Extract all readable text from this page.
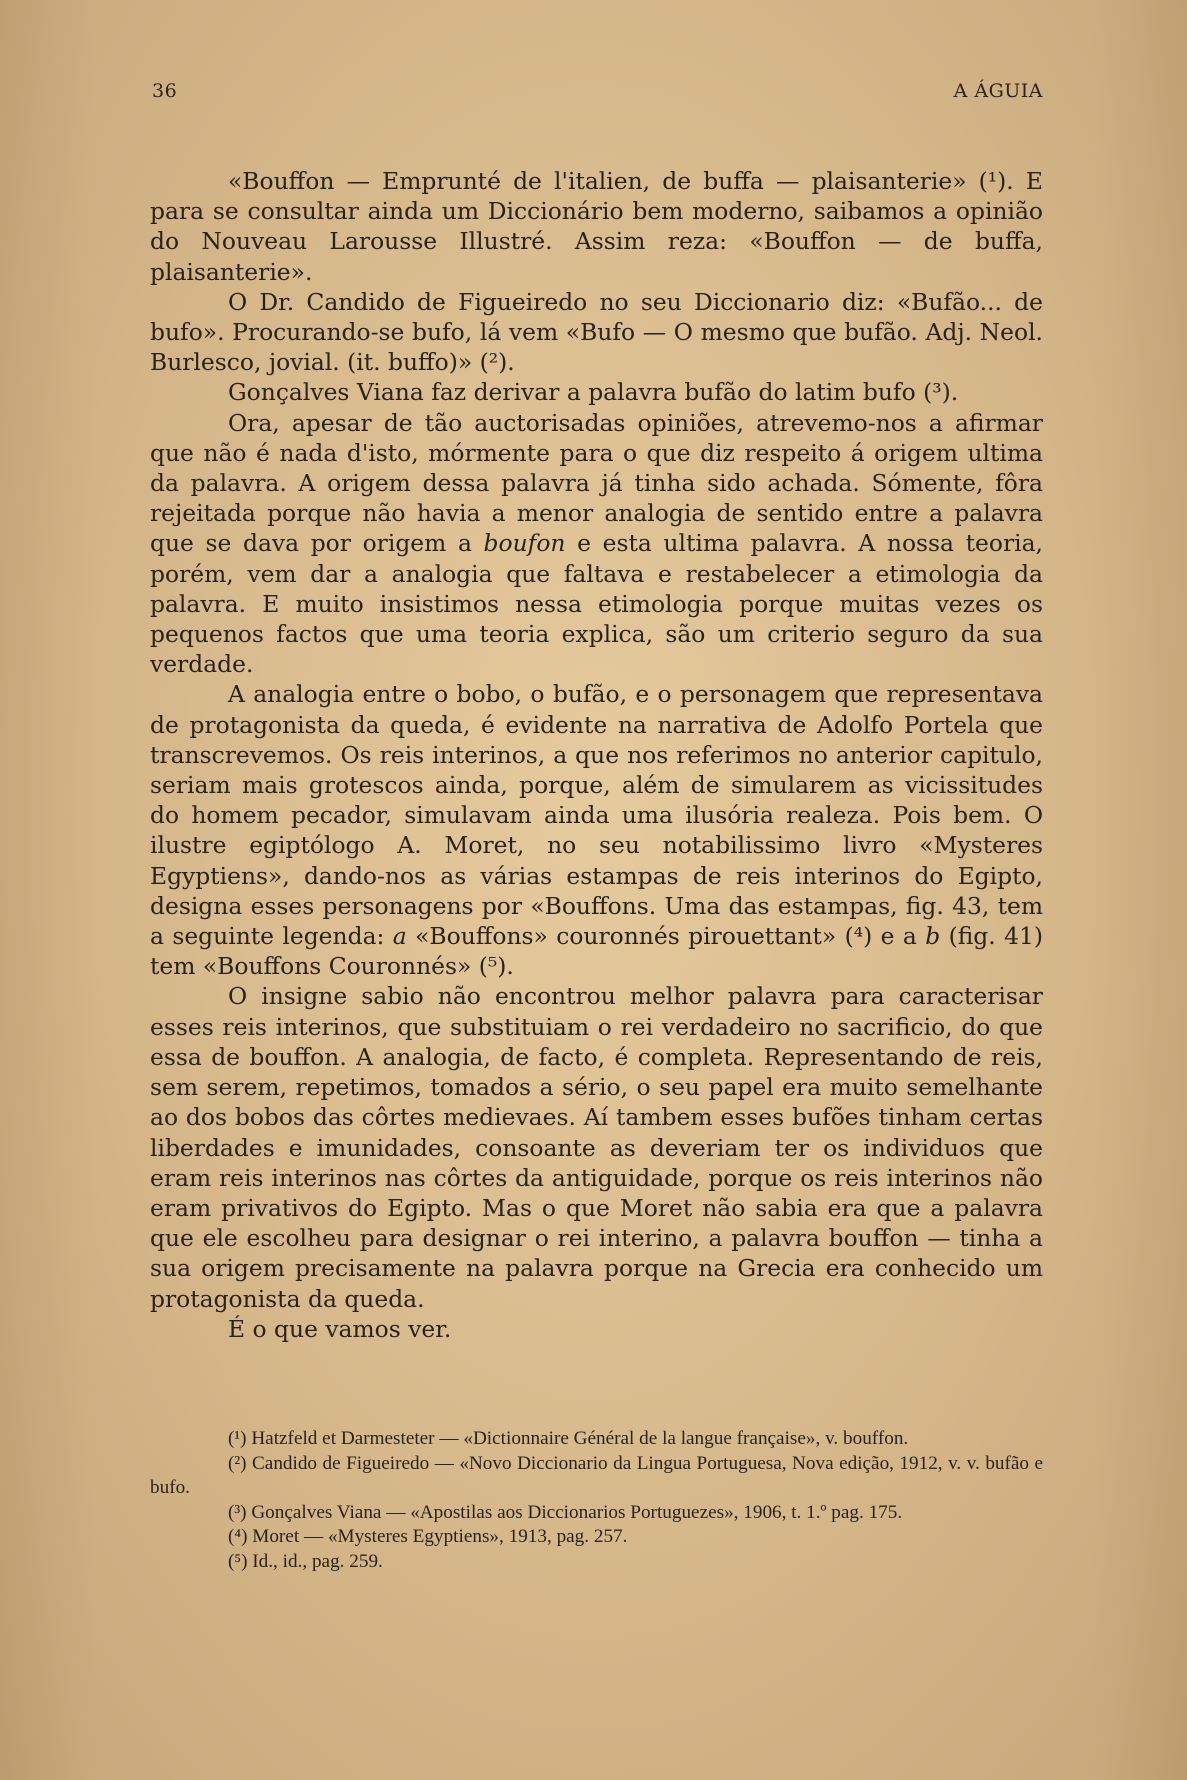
36	A ÁGUIA

«Bouffon — Emprunté de l'italien, de buffa — plaisanterie» (¹). E para se consultar ainda um Diccionário bem moderno, saibamos a opinião do Nouveau Larousse Illustré. Assim reza: «Bouffon — de buffa, plaisanterie».

O Dr. Candido de Figueiredo no seu Diccionario diz: «Bufão... de bufo». Procurando-se bufo, lá vem «Bufo — O mesmo que bufão. Adj. Neol. Burlesco, jovial. (it. buffo)» (²).

Gonçalves Viana faz derivar a palavra bufão do latim bufo (³).

Ora, apesar de tão auctorisadas opiniões, atrevemo-nos a afirmar que não é nada d'isto, mórmente para o que diz respeito á origem ultima da palavra. A origem dessa palavra já tinha sido achada. Sómente, fôra rejeitada porque não havia a menor analogia de sentido entre a palavra que se dava por origem a boufon e esta ultima palavra. A nossa teoria, porém, vem dar a analogia que faltava e restabelecer a etimologia da palavra. E muito insistimos nessa etimologia porque muitas vezes os pequenos factos que uma teoria explica, são um criterio seguro da sua verdade.

A analogia entre o bobo, o bufão, e o personagem que representava de protagonista da queda, é evidente na narrativa de Adolfo Portela que transcrevemos. Os reis interinos, a que nos referimos no anterior capitulo, seriam mais grotescos ainda, porque, além de simularem as vicissitudes do homem pecador, simulavam ainda uma ilusória realeza. Pois bem. O ilustre egiptólogo A. Moret, no seu notabilissimo livro «Mysteres Egyptiens», dando-nos as várias estampas de reis interinos do Egipto, designa esses personagens por «Bouffons. Uma das estampas, fig. 43, tem a seguinte legenda: a «Bouffons» couronnés pirouettant» (⁴) e a b (fig. 41) tem «Bouffons Couronnés» (⁵).

O insigne sabio não encontrou melhor palavra para caracterisar esses reis interinos, que substituiam o rei verdadeiro no sacrificio, do que essa de bouffon. A analogia, de facto, é completa. Representando de reis, sem serem, repetimos, tomados a sério, o seu papel era muito semelhante ao dos bobos das côrtes medievaes. Aí tambem esses bufões tinham certas liberdades e imunidades, consoante as deveriam ter os individuos que eram reis interinos nas côrtes da antiguidade, porque os reis interinos não eram privativos do Egipto. Mas o que Moret não sabia era que a palavra que ele escolheu para designar o rei interino, a palavra bouffon — tinha a sua origem precisamente na palavra porque na Grecia era conhecido um protagonista da queda.

É o que vamos ver.

(¹) Hatzfeld et Darmesteter — «Dictionnaire Général de la langue française», v. bouffon.

(²) Candido de Figueiredo — «Novo Diccionario da Lingua Portuguesa, Nova edição, 1912, v. v. bufão e bufo.

(³) Gonçalves Viana — «Apostilas aos Diccionarios Portuguezes», 1906, t. 1.º pag. 175.

(⁴) Moret — «Mysteres Egyptiens», 1913, pag. 257.

(⁵) Id., id., pag. 259.
